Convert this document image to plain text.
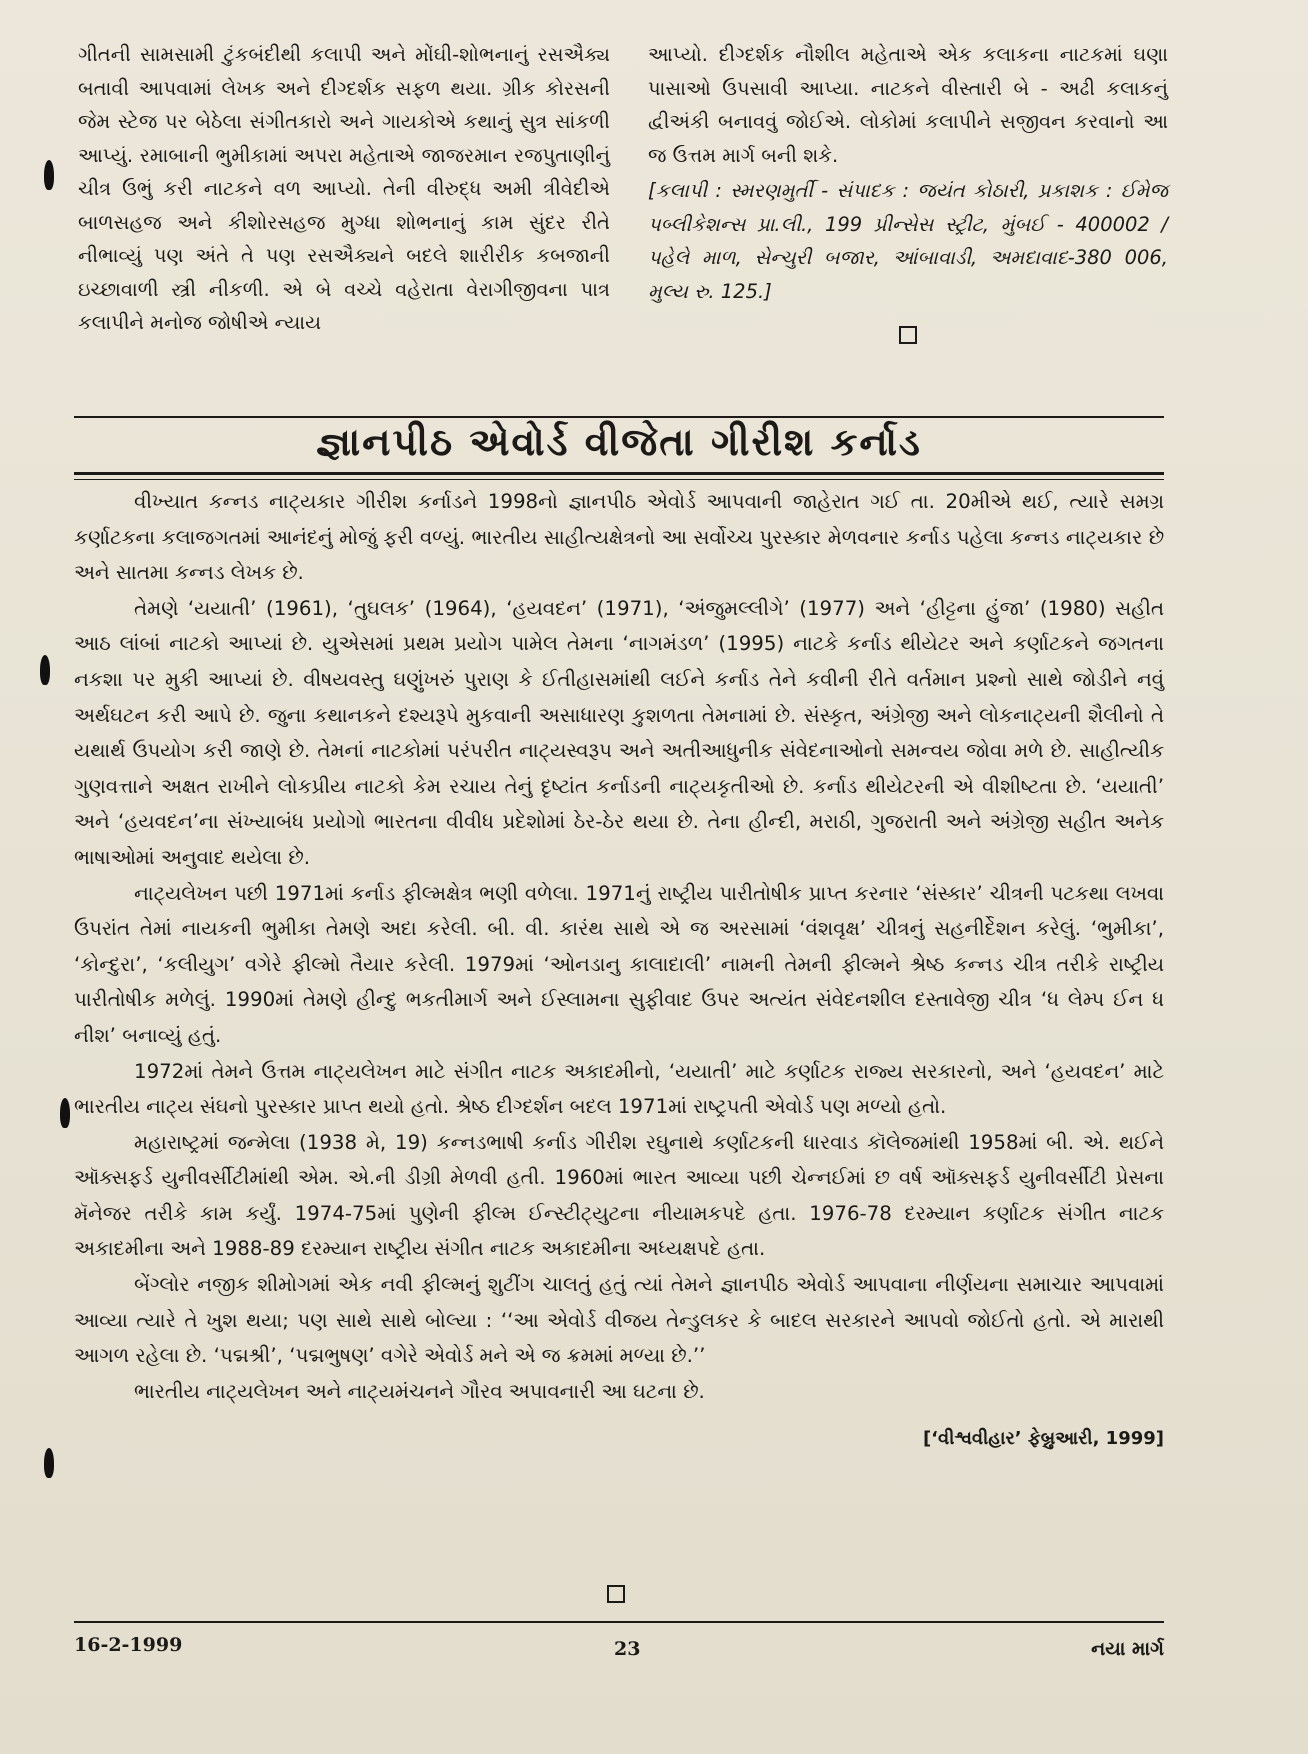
ગીતની સામસામી ટુંકબંદીથી કલાપી અને મોંઘી-શોભનાનું રસઐક્ય બતાવી આપવામાં લેખક અને દીગ્દર્શક સફળ થયા. ગ્રીક કોરસની જેમ સ્ટેજ પર બેઠેલા સંગીતકારો અને ગાયકોએ કથાનું સુત્ર સાંકળી આપ્યું. રમાબાની ભુમીકામાં અપરા મહેતાએ જાજરમાન રજપુતાણીનું ચીત્ર ઉભું કરી નાટકને વળ આપ્યો. તેની વીરુદ્ધ અમી ત્રીવેદીએ બાળસહજ અને કીશોરસહજ મુગ્ધા શોભનાનું કામ સુંદર રીતે નીભાવ્યું પણ અંતે તે પણ રસઐક્યને બદલે શારીરીક કબજાની ઇચ્છાવાળી સ્ત્રી નીકળી. એ બે વચ્ચે વહેરાતા વેરાગીજીવના પાત્ર કલાપીને મનોજ જોષીએ ન્યાય
આપ્યો. દીગ્દર્શક નૌશીલ મહેતાએ એક કલાકના નાટકમાં ઘણા પાસાઓ ઉપસાવી આપ્યા. નાટકને વીસ્તારી બે - અઢી કલાકનું દ્વીઅંકી બનાવવું જોઈએ. લોકોમાં કલાપીને સજીવન કરવાનો આ જ ઉત્તમ માર્ગ બની શકે.
[કલાપી : સ્મરણમુર્તી - સંપાદક : જયંત કોઠારી, પ્રકાશક : ઈમેજ પબ્લીકેશન્સ પ્રા.લી., 199 પ્રીન્સેસ સ્ટ્રીટ, મુંબઈ - 400002 / પહેલે માળ, સેન્ચુરી બજાર, આંબાવાડી, અમદાવાદ-380 006, મુલ્ય રુ. 125.]
જ્ઞાનપીઠ એવોર્ડ વીજેતા ગીરીશ કર્નાડ

વીખ્યાત કન્નડ નાટ્યકાર ગીરીશ કર્નાડને 1998નો જ્ઞાનપીઠ એવોર્ડ આપવાની જાહેરાત ગઈ તા. 20મીએ થઈ, ત્યારે સમગ્ર કર્ણાટકના કલાજગતમાં આનંદનું મોજું ફરી વળ્યું. ભારતીય સાહીત્યક્ષેત્રનો આ સર્વોચ્ચ પુરસ્કાર મેળવનાર કર્નાડ પહેલા કન્નડ નાટ્યકાર છે અને સાતમા કન્નડ લેખક છે.

તેમણે ‘યયાતી’ (1961), ‘તુઘલક’ (1964), ‘હયવદન’ (1971), ‘અંજુમલ્લીગે’ (1977) અને ‘હીટ્ટના હુંજા’ (1980) સહીત આઠ લાંબાં નાટકો આપ્યાં છે. યુએસમાં પ્રથમ પ્રયોગ પામેલ તેમના ‘નાગમંડળ’ (1995) નાટકે કર્નાડ થીયેટર અને કર્ણાટકને જગતના નકશા પર મુકી આપ્યાં છે. વીષયવસ્તુ ઘણુંખરું પુરાણ કે ઈતીહાસમાંથી લઈને કર્નાડ તેને કવીની રીતે વર્તમાન પ્રશ્નો સાથે જોડીને નવું અર્થઘટન કરી આપે છે. જુના કથાનકને દશ્યરૂપે મુકવાની અસાધારણ કુશળતા તેમનામાં છે. સંસ્કૃત, અંગ્રેજી અને લોકનાટ્યની શૈલીનો તે યથાર્થ ઉપયોગ કરી જાણે છે. તેમનાં નાટકોમાં પરંપરીત નાટ્યસ્વરૂપ અને અતીઆધુનીક સંવેદનાઓનો સમન્વય જોવા મળે છે. સાહીત્યીક ગુણવત્તાને અક્ષત રાખીને લોકપ્રીય નાટકો કેમ રચાય તેનું દૃષ્ટાંત કર્નાડની નાટ્યકૃતીઓ છે. કર્નાડ થીયેટરની એ વીશીષ્ટતા છે. ‘યયાતી’ અને ‘હયવદન’ના સંખ્યાબંધ પ્રયોગો ભારતના વીવીધ પ્રદેશોમાં ઠેર-ઠેર થયા છે. તેના હીન્દી, મરાઠી, ગુજરાતી અને અંગ્રેજી સહીત અનેક ભાષાઓમાં અનુવાદ થયેલા છે.

નાટ્યલેખન પછી 1971માં કર્નાડ ફીલ્મક્ષેત્ર ભણી વળેલા. 1971નું રાષ્ટ્રીય પારીતોષીક પ્રાપ્ત કરનાર ‘સંસ્કાર’ ચીત્રની પટકથા લખવા ઉપરાંત તેમાં નાયકની ભુમીકા તેમણે અદા કરેલી. બી. વી. કારંથ સાથે એ જ અરસામાં ‘વંશવૃક્ષ’ ચીત્રનું સહનીર્દેશન કરેલું. ‘ભુમીકા’, ‘કોન્દુરા’, ‘કલીયુગ’ વગેરે ફીલ્મો તૈયાર કરેલી. 1979માં ‘ઓનડાનુ કાલાદાલી’ નામની તેમની ફીલ્મને શ્રેષ્ઠ કન્નડ ચીત્ર તરીકે રાષ્ટ્રીય પારીતોષીક મળેલું. 1990માં તેમણે હીન્દુ ભકતીમાર્ગ અને ઈસ્લામના સુફીવાદ ઉપર અત્યંત સંવેદનશીલ દસ્તાવેજી ચીત્ર ‘ધ લેમ્પ ઈન ધ નીશ’ બનાવ્યું હતું.

1972માં તેમને ઉત્તમ નાટ્યલેખન માટે સંગીત નાટક અકાદમીનો, ‘યયાતી’ માટે કર્ણાટક રાજ્ય સરકારનો, અને ‘હયવદન’ માટે ભારતીય નાટ્ય સંઘનો પુરસ્કાર પ્રાપ્ત થયો હતો. શ્રેષ્ઠ દીગ્દર્શન બદલ 1971માં રાષ્ટ્રપતી એવોર્ડ પણ મળ્યો હતો.

મહારાષ્ટ્રમાં જન્મેલા (1938 મે, 19) કન્નડભાષી કર્નાડ ગીરીશ રઘુનાથે કર્ણાટકની ધારવાડ કૉલેજમાંથી 1958માં બી. એ. થઈને ઑક્સફર્ડ યુનીવર્સીટીમાંથી એમ. એ.ની ડીગ્રી મેળવી હતી. 1960માં ભારત આવ્યા પછી ચેન્નઈમાં છ વર્ષ ઑક્સફર્ડ યુનીવર્સીટી પ્રેસના મૅનેજર તરીકે કામ કર્યું. 1974-75માં પુણેની ફીલ્મ ઈન્સ્ટીટ્યુટના નીયામકપદે હતા. 1976-78 દરમ્યાન કર્ણાટક સંગીત નાટક અકાદમીના અને 1988-89 દરમ્યાન રાષ્ટ્રીય સંગીત નાટક અકાદમીના અધ્યક્ષપદે હતા.

બેંગ્લોર નજીક શીમોગમાં એક નવી ફીલ્મનું શુટીંગ ચાલતું હતું ત્યાં તેમને જ્ઞાનપીઠ એવોર્ડ આપવાના નીર્ણયના સમાચાર આપવામાં આવ્યા ત્યારે તે ખુશ થયા; પણ સાથે સાથે બોલ્યા : ‘‘આ એવોર્ડ વીજય તેન્ડુલકર કે બાદલ સરકારને આપવો જોઈતો હતો. એ મારાથી આગળ રહેલા છે. ‘પદ્મશ્રી’, ‘પદ્મભુષણ’ વગેરે એવોર્ડ મને એ જ ક્રમમાં મળ્યા છે.’’

ભારતીય નાટ્યલેખન અને નાટ્યમંચનને ગૌરવ અપાવનારી આ ઘટના છે.

[‘વીશ્વવીહાર’ ફેબ્રુઆરી, 1999]

16-2-1999	23	નયા માર્ગ
